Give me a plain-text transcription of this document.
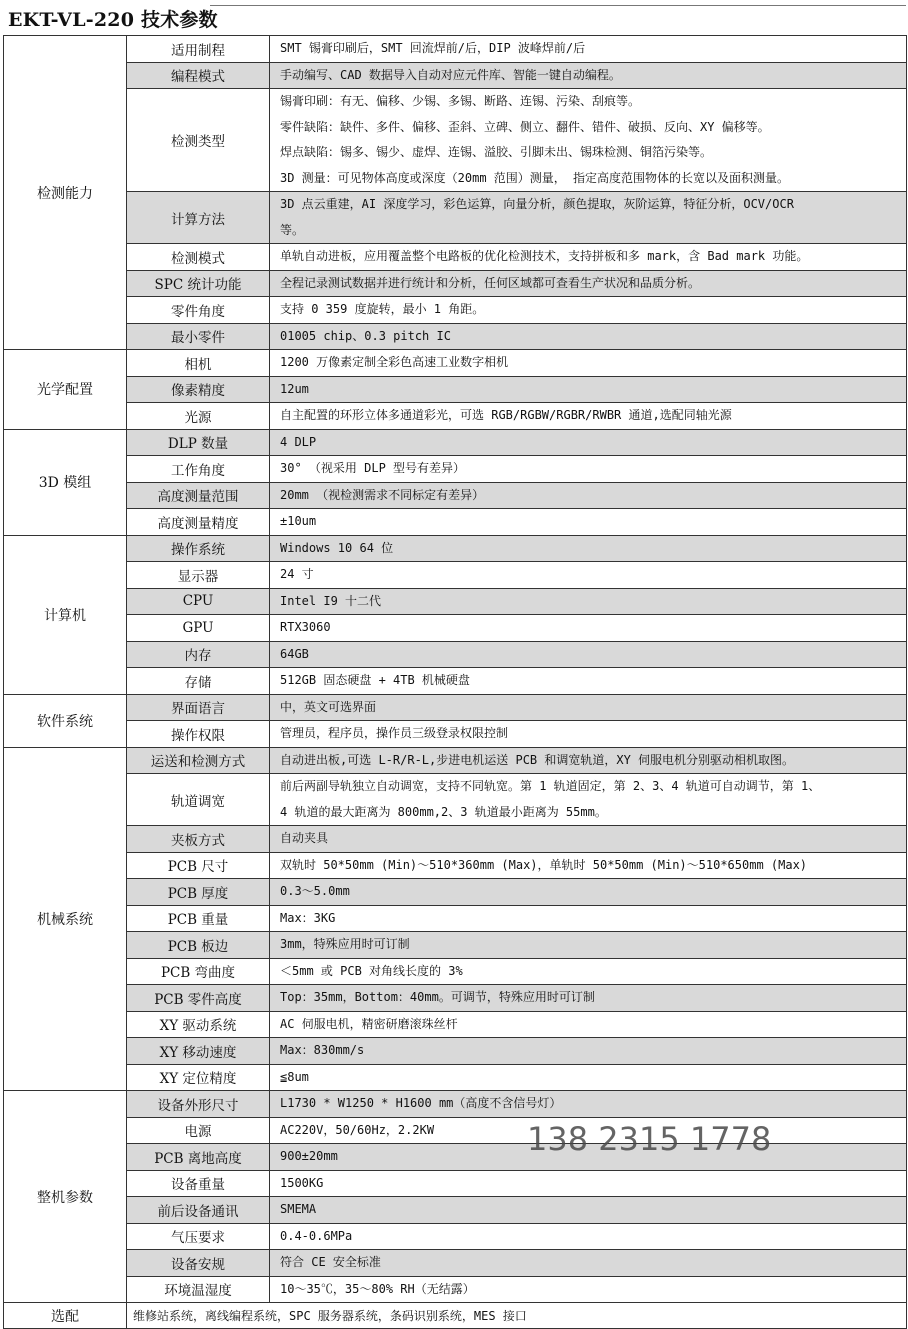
EKT-VL-220 技术参数
检测能力	适用制程	SMT 锡膏印刷后，SMT 回流焊前/后，DIP 波峰焊前/后

	编程模式	手动编写、CAD 数据导入自动对应元件库、智能一键自动编程。

	检测类型	锡膏印刷：有无、偏移、少锡、多锡、断路、连锡、污染、刮痕等。
零件缺陷：缺件、多件、偏移、歪斜、立碑、侧立、翻件、错件、破损、反向、XY 偏移等。
焊点缺陷：锡多、锡少、虚焊、连锡、溢胶、引脚未出、锡珠检测、铜箔污染等。
3D 测量：可见物体高度或深度（20mm 范围）测量， 指定高度范围物体的长宽以及面积测量。

	计算方法	3D 点云重建，AI 深度学习，彩色运算，向量分析，颜色提取，灰阶运算，特征分析，OCV/OCR
等。

	检测模式	单轨自动进板，应用覆盖整个电路板的优化检测技术，支持拼板和多 mark，含 Bad mark 功能。

	SPC 统计功能	全程记录测试数据并进行统计和分析，任何区域都可查看生产状况和品质分析。

	零件角度	支持 0 359 度旋转，最小 1 角距。

	最小零件	01005 chip、0.3 pitch IC

光学配置	相机	1200 万像素定制全彩色高速工业数字相机

	像素精度	12um

	光源	自主配置的环形立体多通道彩光，可选 RGB/RGBW/RGBR/RWBR 通道,选配同轴光源

3D 模组	DLP 数量	4 DLP

	工作角度	30° （视采用 DLP 型号有差异）

	高度测量范围	20mm （视检测需求不同标定有差异）

	高度测量精度	±10um

计算机	操作系统	Windows 10 64 位

	显示器	24 寸

	CPU	Intel I9 十二代

	GPU	RTX3060

	内存	64GB

	存储	512GB 固态硬盘 + 4TB 机械硬盘

软件系统	界面语言	中，英文可选界面

	操作权限	管理员，程序员，操作员三级登录权限控制

机械系统	运送和检测方式	自动进出板,可选 L-R/R-L,步进电机运送 PCB 和调宽轨道，XY 伺服电机分别驱动相机取图。

	轨道调宽	前后两副导轨独立自动调宽，支持不同轨宽。第 1 轨道固定，第 2、3、4 轨道可自动调节，第 1、
4 轨道的最大距离为 800mm,2、3 轨道最小距离为 55mm。

	夹板方式	自动夹具

	PCB 尺寸	双轨时 50*50mm (Min)～510*360mm (Max)，单轨时 50*50mm (Min)～510*650mm (Max)

	PCB 厚度	0.3～5.0mm

	PCB 重量	Max：3KG

	PCB 板边	3mm，特殊应用时可订制

	PCB 弯曲度	＜5mm 或 PCB 对角线长度的 3%

	PCB 零件高度	Top：35mm，Bottom：40mm。可调节，特殊应用时可订制

	XY 驱动系统	AC 伺服电机，精密研磨滚珠丝杆

	XY 移动速度	Max：830mm/s

	XY 定位精度	≦8um

整机参数	设备外形尺寸	L1730 * W1250 * H1600 mm（高度不含信号灯）

	电源	AC220V，50/60Hz，2.2KW

	PCB 离地高度	900±20mm

	设备重量	1500KG

	前后设备通讯	SMEMA

	气压要求	0.4-0.6MPa

	设备安规	符合 CE 安全标准

	环境温湿度	10～35℃，35～80% RH（无结露）

选配	维修站系统，离线编程系统，SPC 服务器系统，条码识别系统，MES 接口	
138 2315 1778
